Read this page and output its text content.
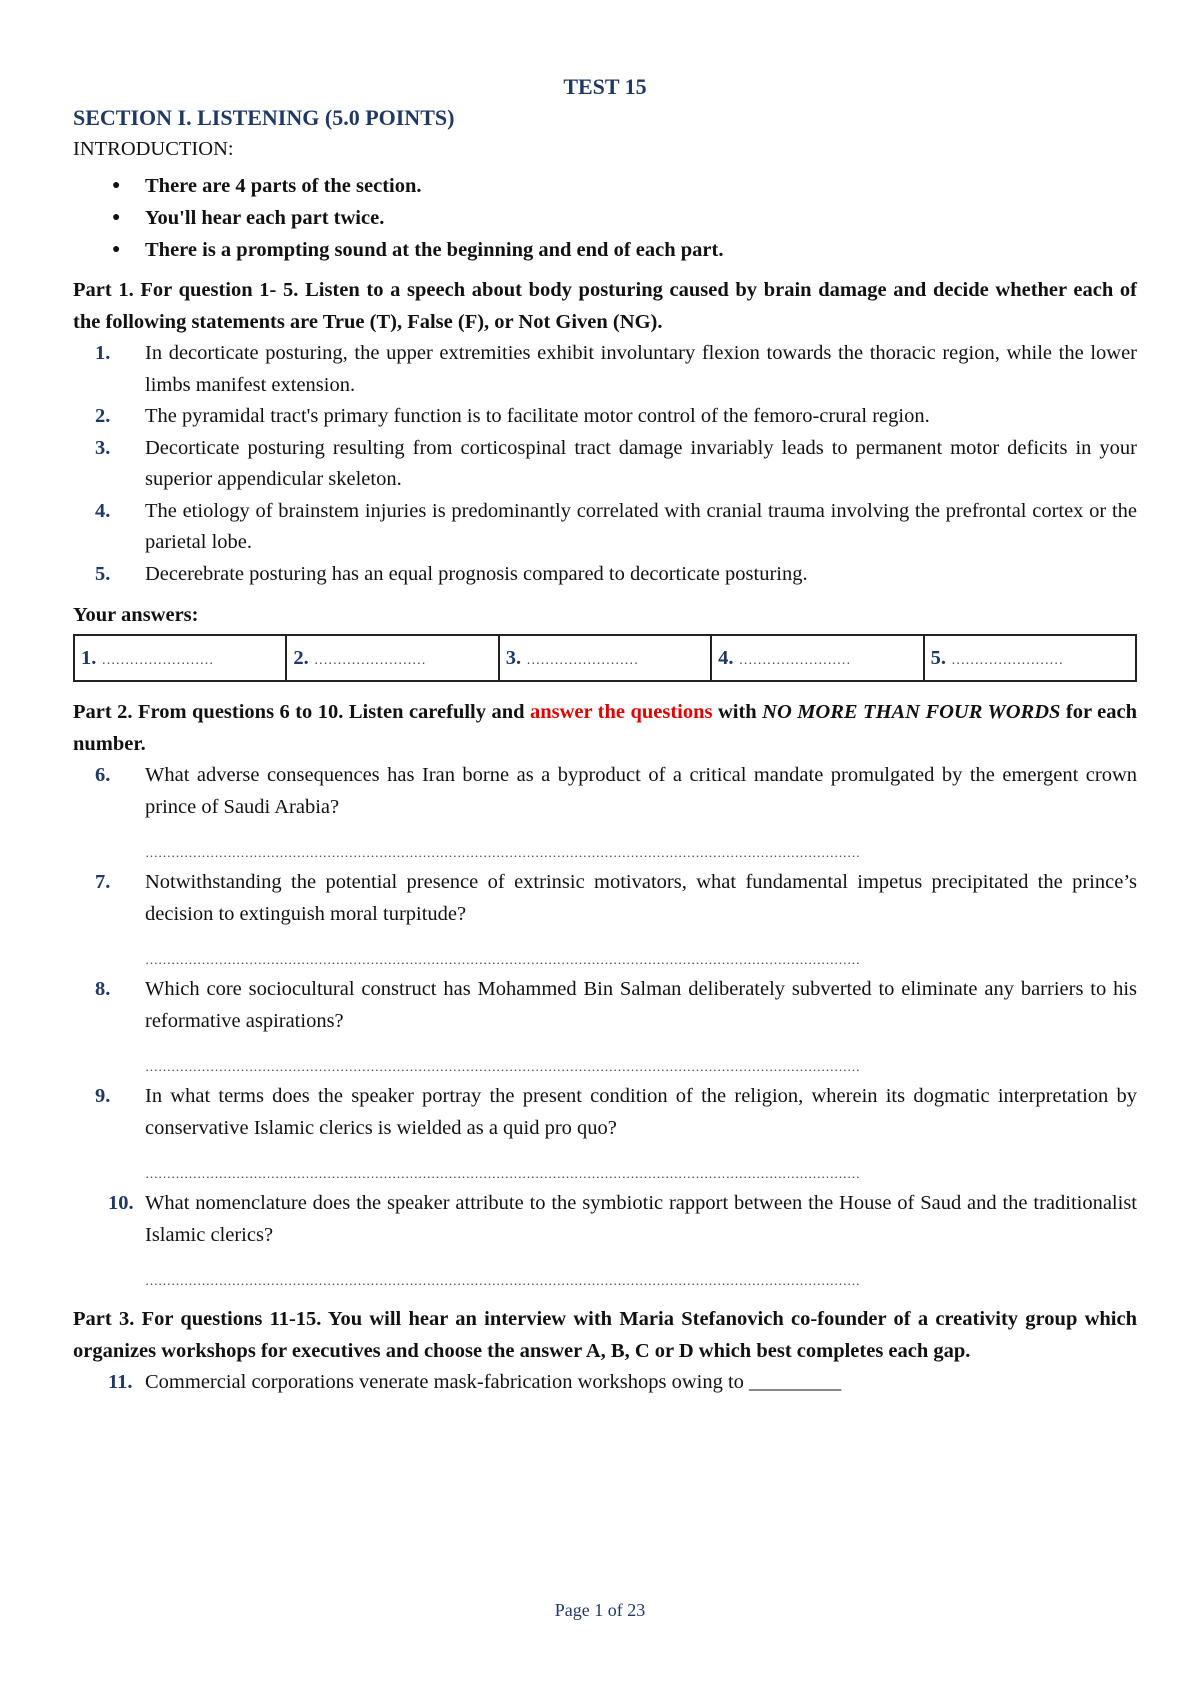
TEST 15
SECTION I. LISTENING (5.0 POINTS)
INTRODUCTION:
● There are 4 parts of the section.
● You'll hear each part twice.
● There is a prompting sound at the beginning and end of each part.
Part 1. For question 1- 5. Listen to a speech about body posturing caused by brain damage and decide whether each of the following statements are True (T), False (F), or Not Given (NG).
1. In decorticate posturing, the upper extremities exhibit involuntary flexion towards the thoracic region, while the lower limbs manifest extension.
2. The pyramidal tract's primary function is to facilitate motor control of the femoro-crural region.
3. Decorticate posturing resulting from corticospinal tract damage invariably leads to permanent motor deficits in your superior appendicular skeleton.
4. The etiology of brainstem injuries is predominantly correlated with cranial trauma involving the prefrontal cortex or the parietal lobe.
5. Decerebrate posturing has an equal prognosis compared to decorticate posturing.
Your answers:
1. ……………………	2. ……………………	3. ……………………	4. ……………………	5. ……………………
Part 2. From questions 6 to 10. Listen carefully and answer the questions with NO MORE THAN FOUR WORDS for each number.
6. What adverse consequences has Iran borne as a byproduct of a critical mandate promulgated by the emergent crown prince of Saudi Arabia?
…………………………………………………………………………………………………………………………………………………
7. Notwithstanding the potential presence of extrinsic motivators, what fundamental impetus precipitated the prince’s decision to extinguish moral turpitude?
…………………………………………………………………………………………………………………………………………………
8. Which core sociocultural construct has Mohammed Bin Salman deliberately subverted to eliminate any barriers to his reformative aspirations?
…………………………………………………………………………………………………………………………………………………
9. In what terms does the speaker portray the present condition of the religion, wherein its dogmatic interpretation by conservative Islamic clerics is wielded as a quid pro quo?
…………………………………………………………………………………………………………………………………………………
10. What nomenclature does the speaker attribute to the symbiotic rapport between the House of Saud and the traditionalist Islamic clerics?
…………………………………………………………………………………………………………………………………………………
Part 3. For questions 11-15. You will hear an interview with Maria Stefanovich co-founder of a creativity group which organizes workshops for executives and choose the answer A, B, C or D which best completes each gap.
11. Commercial corporations venerate mask-fabrication workshops owing to _________
Page 1 of 23
